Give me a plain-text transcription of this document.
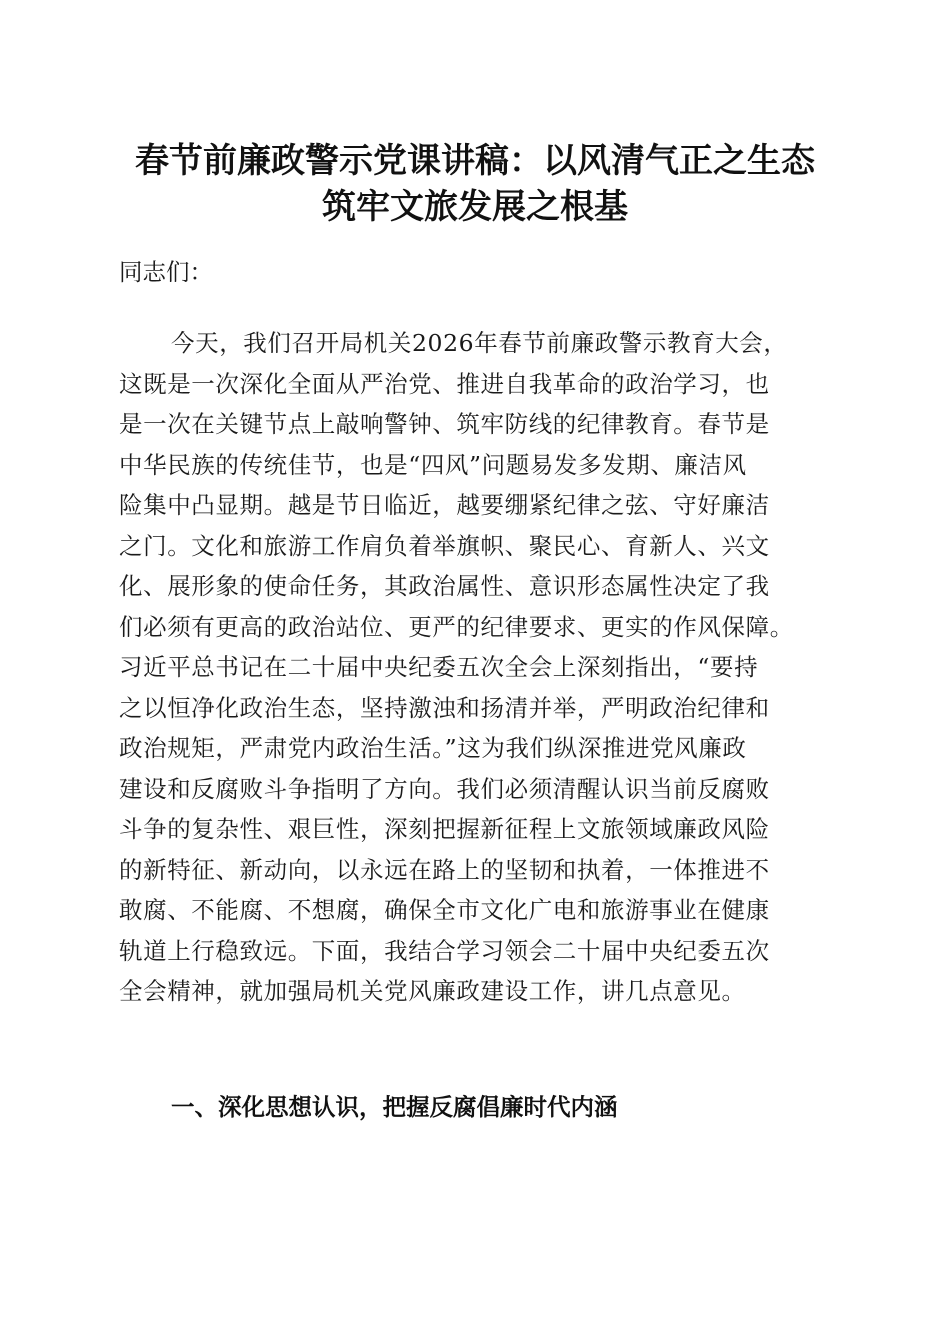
春节前廉政警示党课讲稿：以风清气正之生态
筑牢文旅发展之根基
同志们：
今天，我们召开局机关2026年春节前廉政警示教育大会，
这既是一次深化全面从严治党、推进自我革命的政治学习，也
是一次在关键节点上敲响警钟、筑牢防线的纪律教育。春节是
中华民族的传统佳节，也是“四风”问题易发多发期、廉洁风
险集中凸显期。越是节日临近，越要绷紧纪律之弦、守好廉洁
之门。文化和旅游工作肩负着举旗帜、聚民心、育新人、兴文
化、展形象的使命任务，其政治属性、意识形态属性决定了我
们必须有更高的政治站位、更严的纪律要求、更实的作风保障。
习近平总书记在二十届中央纪委五次全会上深刻指出，“要持
之以恒净化政治生态，坚持激浊和扬清并举，严明政治纪律和
政治规矩，严肃党内政治生活。”这为我们纵深推进党风廉政
建设和反腐败斗争指明了方向。我们必须清醒认识当前反腐败
斗争的复杂性、艰巨性，深刻把握新征程上文旅领域廉政风险
的新特征、新动向，以永远在路上的坚韧和执着，一体推进不
敢腐、不能腐、不想腐，确保全市文化广电和旅游事业在健康
轨道上行稳致远。下面，我结合学习领会二十届中央纪委五次
全会精神，就加强局机关党风廉政建设工作，讲几点意见。
一、深化思想认识，把握反腐倡廉时代内涵
